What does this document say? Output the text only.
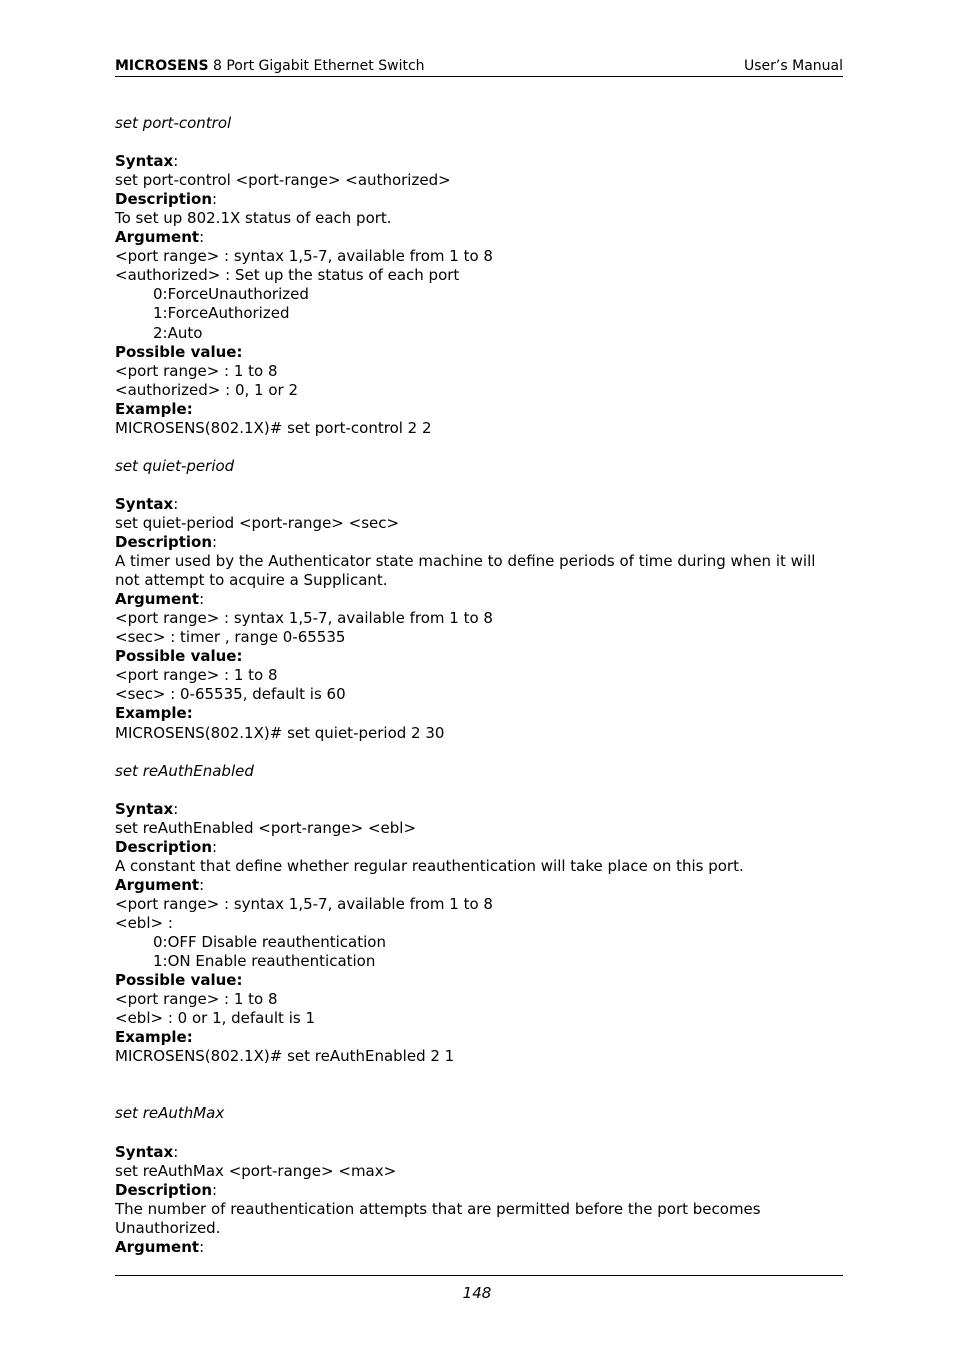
MICROSENS 8 Port Gigabit Ethernet Switch	User’s Manual
set port-control
Syntax:
set port-control <port-range> <authorized>
Description:
To set up 802.1X status of each port.
Argument:
<port range> : syntax 1,5-7, available from 1 to 8
<authorized> : Set up the status of each port
0:ForceUnauthorized
1:ForceAuthorized
2:Auto
Possible value:
<port range> : 1 to 8
<authorized> : 0, 1 or 2
Example:
MICROSENS(802.1X)# set port-control 2 2
set quiet-period
Syntax:
set quiet-period <port-range> <sec>
Description:
A timer used by the Authenticator state machine to define periods of time during when it will not attempt to acquire a Supplicant.
Argument:
<port range> : syntax 1,5-7, available from 1 to 8
<sec> : timer , range 0-65535
Possible value:
<port range> : 1 to 8
<sec> : 0-65535, default is 60
Example:
MICROSENS(802.1X)# set quiet-period 2 30
set reAuthEnabled
Syntax:
set reAuthEnabled <port-range> <ebl>
Description:
A constant that define whether regular reauthentication will take place on this port.
Argument:
<port range> : syntax 1,5-7, available from 1 to 8
<ebl> :
0:OFF Disable reauthentication
1:ON Enable reauthentication
Possible value:
<port range> : 1 to 8
<ebl> : 0 or 1, default is 1
Example:
MICROSENS(802.1X)# set reAuthEnabled 2 1
set reAuthMax
Syntax:
set reAuthMax <port-range> <max>
Description:
The number of reauthentication attempts that are permitted before the port becomes Unauthorized.
Argument:
148
